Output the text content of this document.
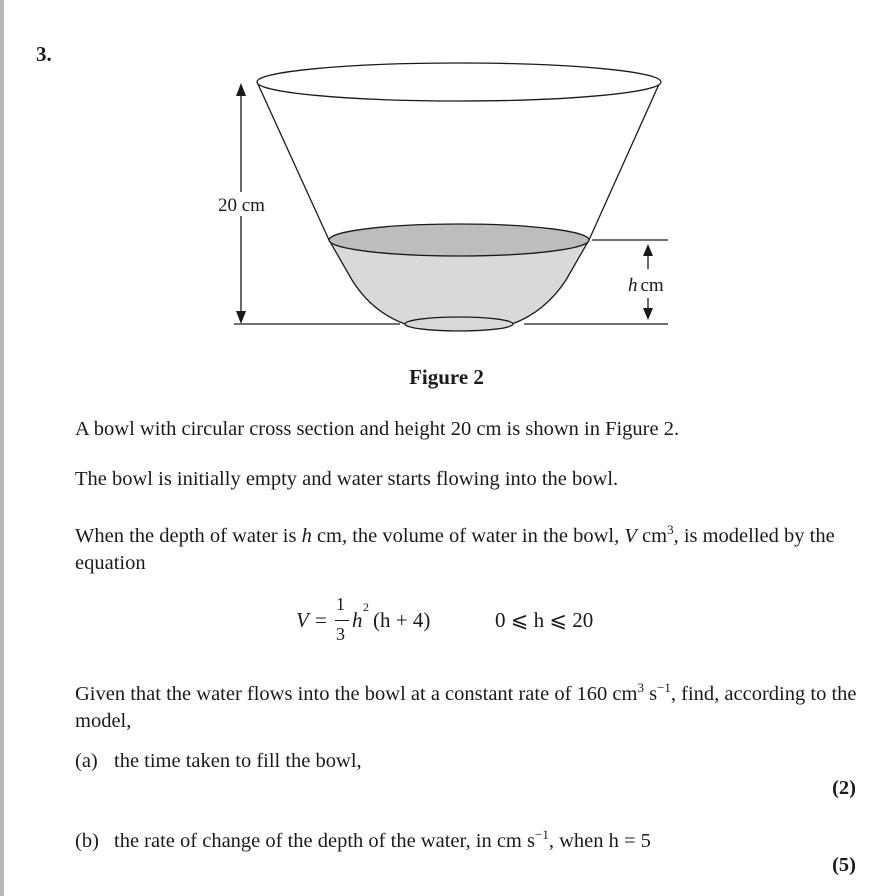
3.
20 cm
h cm
Figure 2
A bowl with circular cross section and height 20 cm is shown in Figure 2.
The bowl is initially empty and water starts flowing into the bowl.
When the depth of water is h cm, the volume of water in the bowl, V $cm^3$, is modelled by the equation
V =
1
3
h
2
(h + 4)	0 ⩽ h ⩽ 20
Given that the water flows into the bowl at a constant rate of 160 $cm^3$ $s^{-1}$, find, according to the model,
(a) the time taken to fill the bowl,
(2)
(b) the rate of change of the depth of the water, in cm $s^{-1}$, when h = 5
(5)
